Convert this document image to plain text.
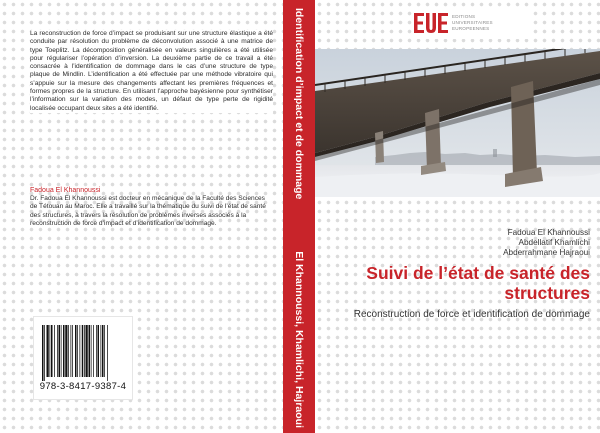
La reconstruction de force d’impact se produisant sur une structure élastique a été conduite par résolution du problème de déconvolution associé à une matrice de type Toeplitz. La décomposition généralisée en valeurs singulières a été utilisée pour régulariser l’opération d’inversion. La deuxième partie de ce travail a été consacrée à l’identification de dommage dans le cas d’une structure de type plaque de Mindlin. L’identification a été effectuée par une méthode vibratoire qui s’appuie sur la mesure des changements affectant les premières fréquences et formes propres de la structure. En utilisant l’approche bayésienne pour synthétiser l’information sur la variation des modes, un défaut de type perte de rigidité localisée occupant deux sites a été identifié.

Fadoua El Khannoussi

Dr. Fadoua El Khannoussi est docteur en mécanique de la Faculté des Sciences de Tétouan au Maroc. Elle a travaillé sur la thématique du suivi de l’état de santé des structures, à travers la résolution de problèmes inverses associés à la reconstruction de force d’impact et d’identification de dommage.

978-3-8417-9387-4
Identification d’impact et de dommage
El Khannoussi, Khamlichi, Hajraoui
EDITIONS
UNIVERSITAIRES
EUROPEENNES
Fadoua El Khannoussi
Abdellatif Khamlichi
Abderrahmane Hajraoui
Suivi de l’état de santé des structures
Reconstruction de force et identification de dommage
